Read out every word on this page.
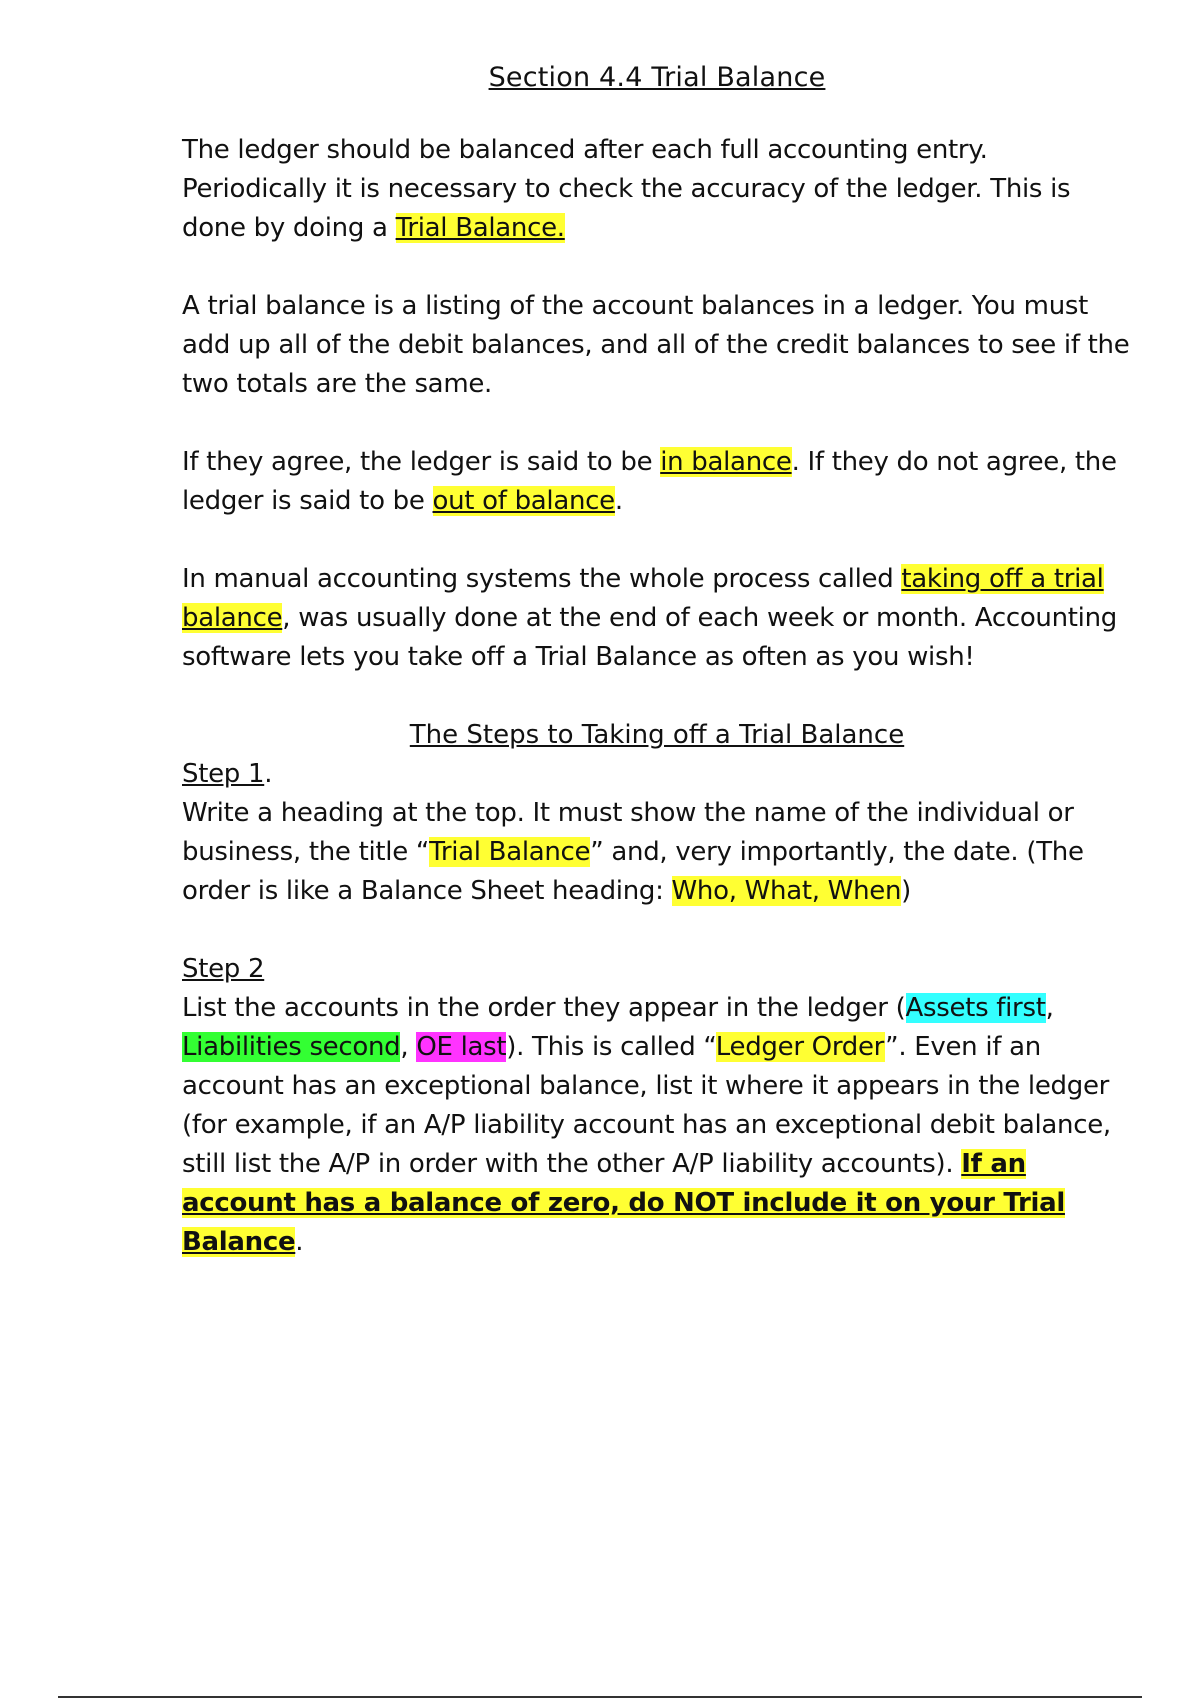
Section 4.4 Trial Balance

The ledger should be balanced after each full accounting entry. Periodically it is necessary to check the accuracy of the ledger. This is done by doing a Trial Balance.

A trial balance is a listing of the account balances in a ledger. You must add up all of the debit balances, and all of the credit balances to see if the two totals are the same.

If they agree, the ledger is said to be in balance. If they do not agree, the ledger is said to be out of balance.

In manual accounting systems the whole process called taking off a trial balance, was usually done at the end of each week or month. Accounting software lets you take off a Trial Balance as often as you wish!

The Steps to Taking off a Trial Balance

Step 1.
Write a heading at the top. It must show the name of the individual or business, the title “Trial Balance” and, very importantly, the date. (The order is like a Balance Sheet heading: Who, What, When)

Step 2
List the accounts in the order they appear in the ledger (Assets first, Liabilities second, OE last). This is called “Ledger Order”. Even if an account has an exceptional balance, list it where it appears in the ledger (for example, if an A/P liability account has an exceptional debit balance, still list the A/P in order with the other A/P liability accounts). If an account has a balance of zero, do NOT include it on your Trial Balance.
